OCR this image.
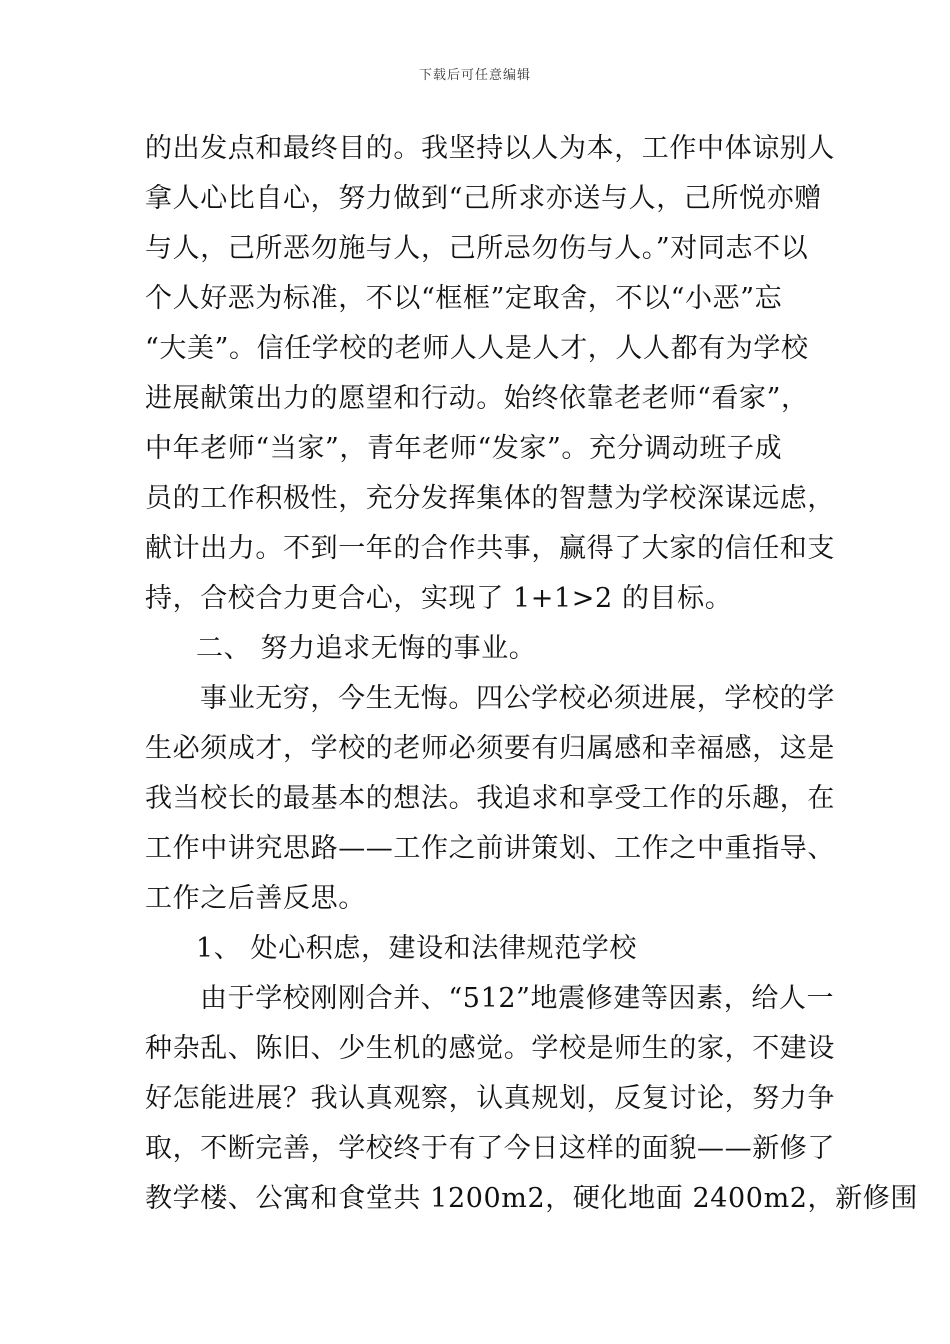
下载后可任意编辑
的出发点和最终目的。我坚持以人为本，工作中体谅别人
拿人心比自心，努力做到“己所求亦送与人，己所悦亦赠
与人，己所恶勿施与人，己所忌勿伤与人。”对同志不以
个人好恶为标准，不以“框框”定取舍，不以“小恶”忘
“大美”。信任学校的老师人人是人才，人人都有为学校
进展献策出力的愿望和行动。始终依靠老老师“看家”，
中年老师“当家”，青年老师“发家”。充分调动班子成
员的工作积极性，充分发挥集体的智慧为学校深谋远虑，
献计出力。不到一年的合作共事，赢得了大家的信任和支
持，合校合力更合心，实现了 1+1>2 的目标。
二、 努力追求无悔的事业。
事业无穷，今生无悔。四公学校必须进展，学校的学
生必须成才，学校的老师必须要有归属感和幸福感，这是
我当校长的最基本的想法。我追求和享受工作的乐趣，在
工作中讲究思路——工作之前讲策划、工作之中重指导、
工作之后善反思。
1、 处心积虑，建设和法律规范学校
由于学校刚刚合并、“512”地震修建等因素，给人一
种杂乱、陈旧、少生机的感觉。学校是师生的家，不建设
好怎能进展？我认真观察，认真规划，反复讨论，努力争
取，不断完善，学校终于有了今日这样的面貌——新修了
教学楼、公寓和食堂共 1200m2，硬化地面 2400m2，新修围
